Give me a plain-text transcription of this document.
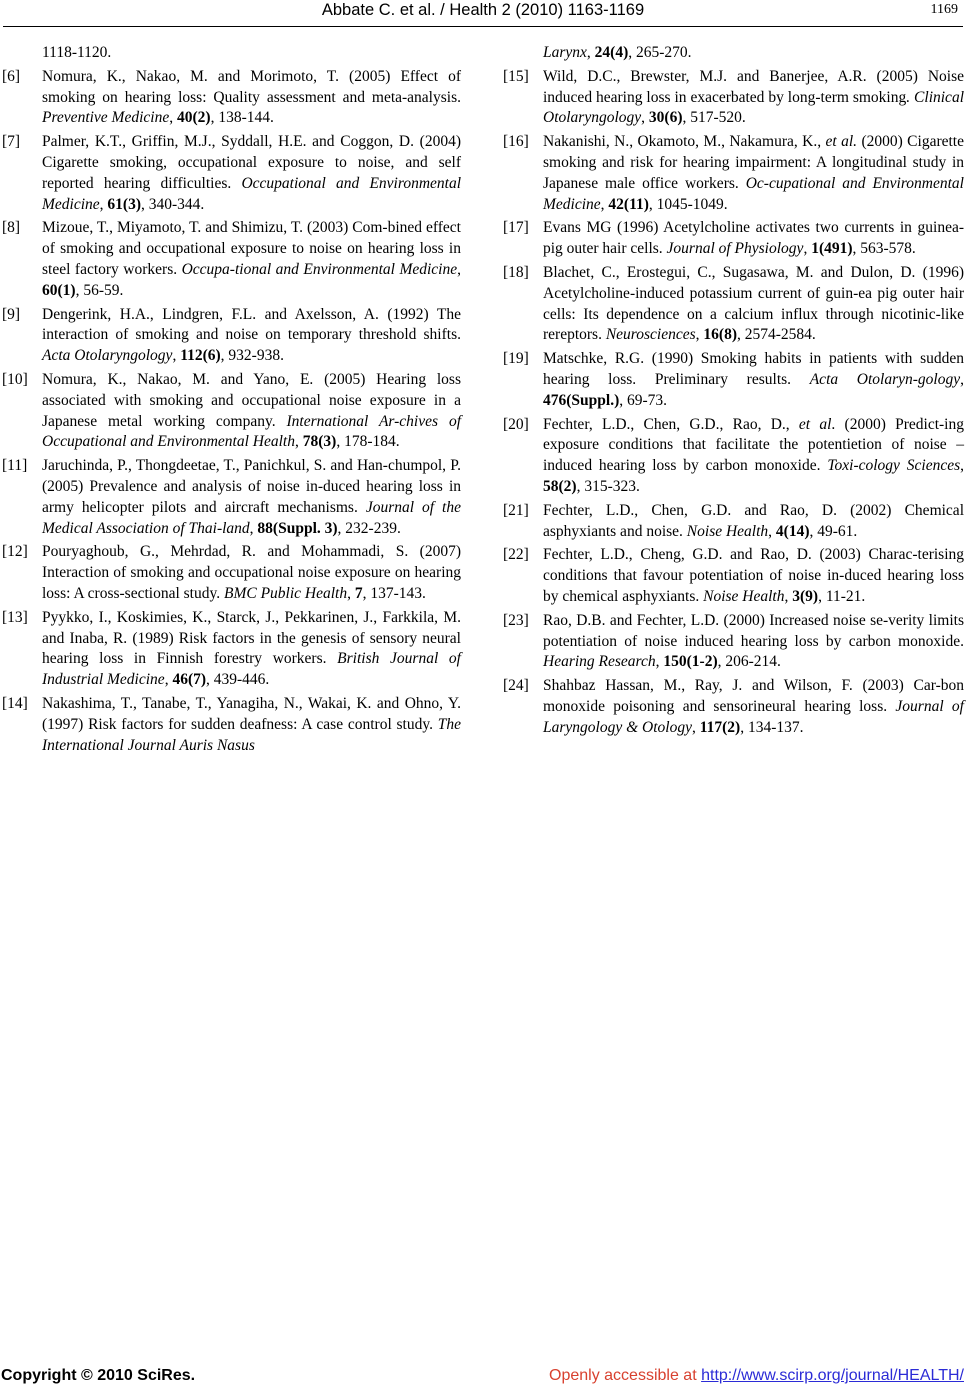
Abbate C. et al. / Health 2 (2010) 1163-1169	1169
1118-1120.
[6]	Nomura, K., Nakao, M. and Morimoto, T. (2005) Effect of smoking on hearing loss: Quality assessment and meta-analysis. Preventive Medicine, 40(2), 138-144.
[7]	Palmer, K.T., Griffin, M.J., Syddall, H.E. and Coggon, D. (2004) Cigarette smoking, occupational exposure to noise, and self reported hearing difficulties. Occupational and Environmental Medicine, 61(3), 340-344.
[8]	Mizoue, T., Miyamoto, T. and Shimizu, T. (2003) Com-bined effect of smoking and occupational exposure to noise on hearing loss in steel factory workers. Occupa-tional and Environmental Medicine, 60(1), 56-59.
[9]	Dengerink, H.A., Lindgren, F.L. and Axelsson, A. (1992) The interaction of smoking and noise on temporary threshold shifts. Acta Otolaryngology, 112(6), 932-938.
[10] Nomura, K., Nakao, M. and Yano, E. (2005) Hearing loss associated with smoking and occupational noise exposure in a Japanese metal working company. International Ar-chives of Occupational and Environmental Health, 78(3), 178-184.
[11] Jaruchinda, P., Thongdeetae, T., Panichkul, S. and Han-chumpol, P. (2005) Prevalence and analysis of noise in-duced hearing loss in army helicopter pilots and aircraft mechanisms. Journal of the Medical Association of Thai-land, 88(Suppl. 3), 232-239.
[12] Pouryaghoub, G., Mehrdad, R. and Mohammadi, S. (2007) Interaction of smoking and occupational noise exposure on hearing loss: A cross-sectional study. BMC Public Health, 7, 137-143.
[13] Pyykko, I., Koskimies, K., Starck, J., Pekkarinen, J., Farkkila, M. and Inaba, R. (1989) Risk factors in the genesis of sensory neural hearing loss in Finnish forestry workers. British Journal of Industrial Medicine, 46(7), 439-446.
[14] Nakashima, T., Tanabe, T., Yanagiha, N., Wakai, K. and Ohno, Y. (1997) Risk factors for sudden deafness: A case control study. The International Journal Auris Nasus
Larynx, 24(4), 265-270.
[15] Wild, D.C., Brewster, M.J. and Banerjee, A.R. (2005) Noise induced hearing loss in exacerbated by long-term smoking. Clinical Otolaryngology, 30(6), 517-520.
[16] Nakanishi, N., Okamoto, M., Nakamura, K., et al. (2000) Cigarette smoking and risk for hearing impairment: A longitudinal study in Japanese male office workers. Oc-cupational and Environmental Medicine, 42(11), 1045-1049.
[17] Evans MG (1996) Acetylcholine activates two currents in guinea-pig outer hair cells. Journal of Physiology, 1(491), 563-578.
[18] Blachet, C., Erostegui, C., Sugasawa, M. and Dulon, D. (1996) Acetylcholine-induced potassium current of guin-ea pig outer hair cells: Its dependence on a calcium influx through nicotinic-like rereptors. Neurosciences, 16(8), 2574-2584.
[19] Matschke, R.G. (1990) Smoking habits in patients with sudden hearing loss. Preliminary results. Acta Otolaryn-gology, 476(Suppl.), 69-73.
[20] Fechter, L.D., Chen, G.D., Rao, D., et al. (2000) Predict-ing exposure conditions that facilitate the potentietion of noise – induced hearing loss by carbon monoxide. Toxi-cology Sciences, 58(2), 315-323.
[21] Fechter, L.D., Chen, G.D. and Rao, D. (2002) Chemical asphyxiants and noise. Noise Health, 4(14), 49-61.
[22] Fechter, L.D., Cheng, G.D. and Rao, D. (2003) Charac-terising conditions that favour potentiation of noise in-duced hearing loss by chemical asphyxiants. Noise Health, 3(9), 11-21.
[23] Rao, D.B. and Fechter, L.D. (2000) Increased noise se-verity limits potentiation of noise induced hearing loss by carbon monoxide. Hearing Research, 150(1-2), 206-214.
[24] Shahbaz Hassan, M., Ray, J. and Wilson, F. (2003) Car-bon monoxide poisoning and sensorineural hearing loss. Journal of Laryngology & Otology, 117(2), 134-137.
Copyright © 2010 SciRes.	Openly accessible at http://www.scirp.org/journal/HEALTH/
